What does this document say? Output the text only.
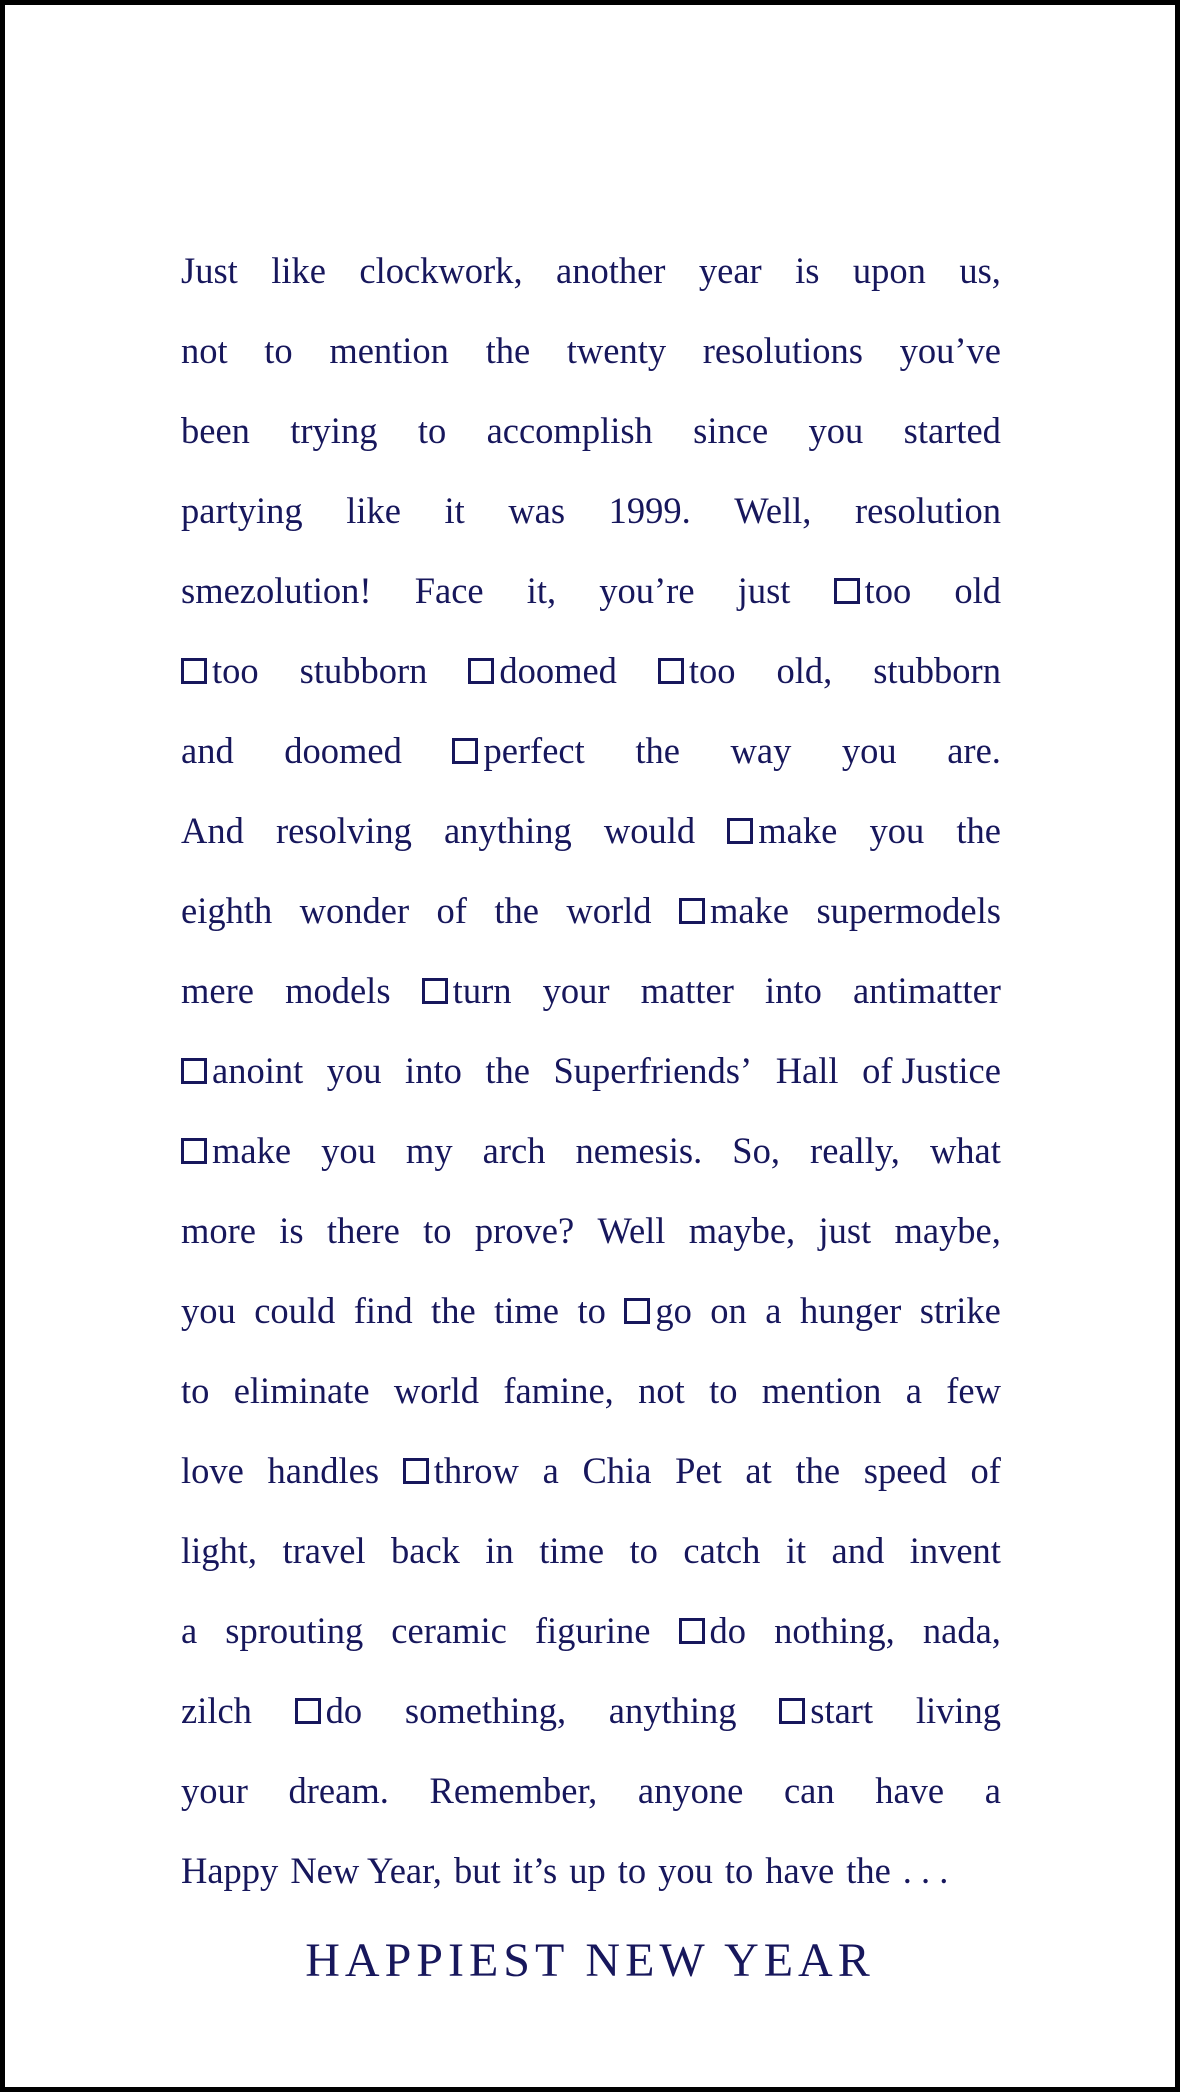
Just like clockwork, another year is upon us,
not to mention the twenty resolutions you’ve
been trying to accomplish since you started
partying like it was 1999. Well, resolution
smezolution! Face it, you’re just	too old
too stubborn	doomed	too old, stubborn
and doomed	perfect the way you are.
And resolving anything would	make you the
eighth wonder of the world	make supermodels
mere models	turn your matter into antimatter
anoint you into the Superfriends’ Hall of Justice
make you my arch nemesis. So, really, what
more is there to prove? Well maybe, just maybe,
you could find the time to	go on a hunger strike
to eliminate world famine, not to mention a few
love handles	throw a Chia Pet at the speed of
light, travel back in time to catch it and invent
a sprouting ceramic figurine	do nothing, nada,
zilch	do something, anything	start living
your dream. Remember, anyone can have a
Happy New Year, but it’s up to you to have the . . .
HAPPIEST NEW YEAR
